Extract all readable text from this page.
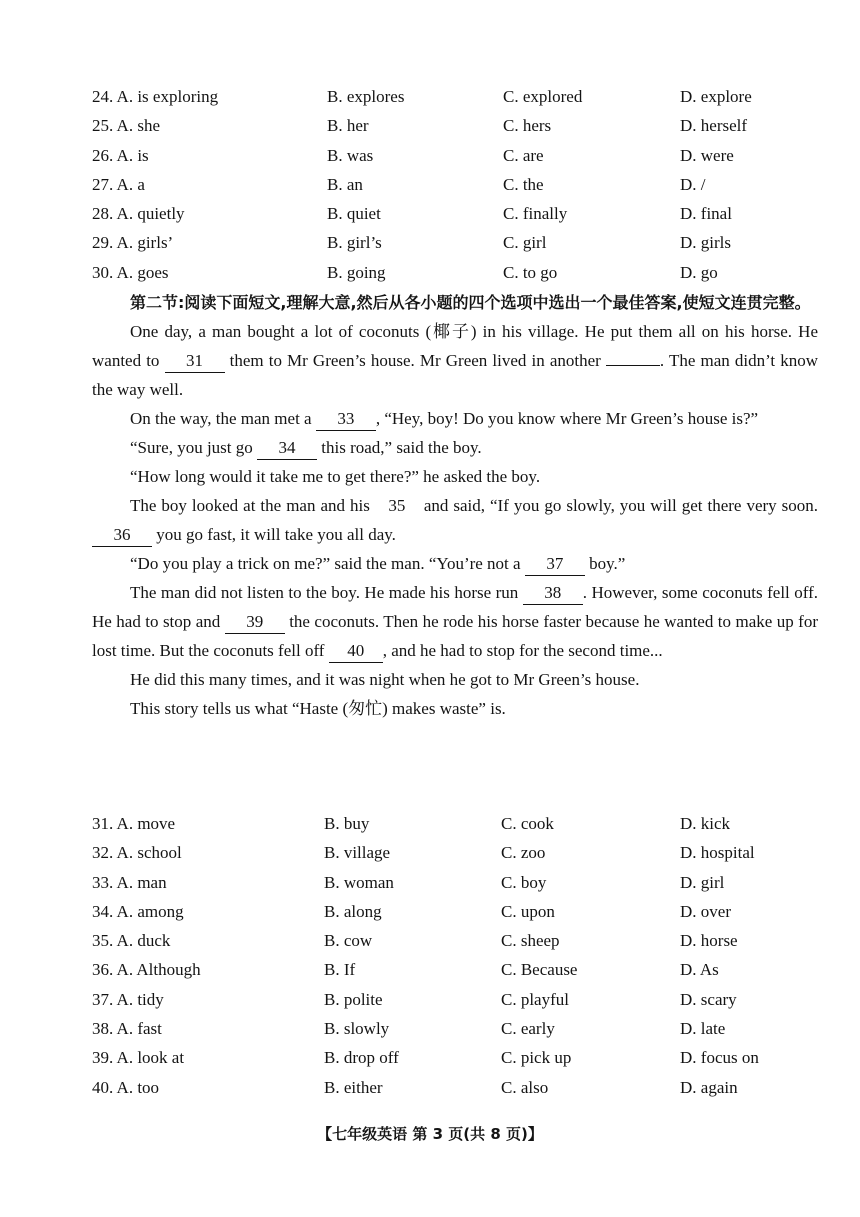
24. A. is exploring	B. explores	C. explored	D. explore
25. A. she	B. her	C. hers	D. herself
26. A. is	B. was	C. are	D. were
27. A. a	B. an	C. the	D. /
28. A. quietly	B. quiet	C. finally	D. final
29. A. girls’	B. girl’s	C. girl	D. girls
30. A. goes	B. going	C. to go	D. go

第二节:阅读下面短文,理解大意,然后从各小题的四个选项中选出一个最佳答案,使短文连贯完整。

One day, a man bought a lot of coconuts (椰子) in his village. He put them all on his horse. He wanted to 31 them to Mr Green’s house. Mr Green lived in another	. The man didn’t know the way well.

On the way, the man met a 33 , “Hey, boy! Do you know where Mr Green’s house is?”

“Sure, you just go 34 this road,” said the boy.

“How long would it take me to get there?” he asked the boy.

The boy looked at the man and his 35 and said, “If you go slowly, you will get there very soon. 36 you go fast, it will take you all day.

“Do you play a trick on me?” said the man. “You’re not a 37 boy.”

The man did not listen to the boy. He made his horse run 38 . However, some coconuts fell off. He had to stop and 39 the coconuts. Then he rode his horse faster because he wanted to make up for lost time. But the coconuts fell off 40 , and he had to stop for the second time...

He did this many times, and it was night when he got to Mr Green’s house.

This story tells us what “Haste (匆忙) makes waste” is.

31. A. move	B. buy	C. cook	D. kick
32. A. school	B. village	C. zoo	D. hospital
33. A. man	B. woman	C. boy	D. girl
34. A. among	B. along	C. upon	D. over
35. A. duck	B. cow	C. sheep	D. horse
36. A. Although	B. If	C. Because	D. As
37. A. tidy	B. polite	C. playful	D. scary
38. A. fast	B. slowly	C. early	D. late
39. A. look at	B. drop off	C. pick up	D. focus on
40. A. too	B. either	C. also	D. again
【七年级英语 第 3 页(共 8 页)】
